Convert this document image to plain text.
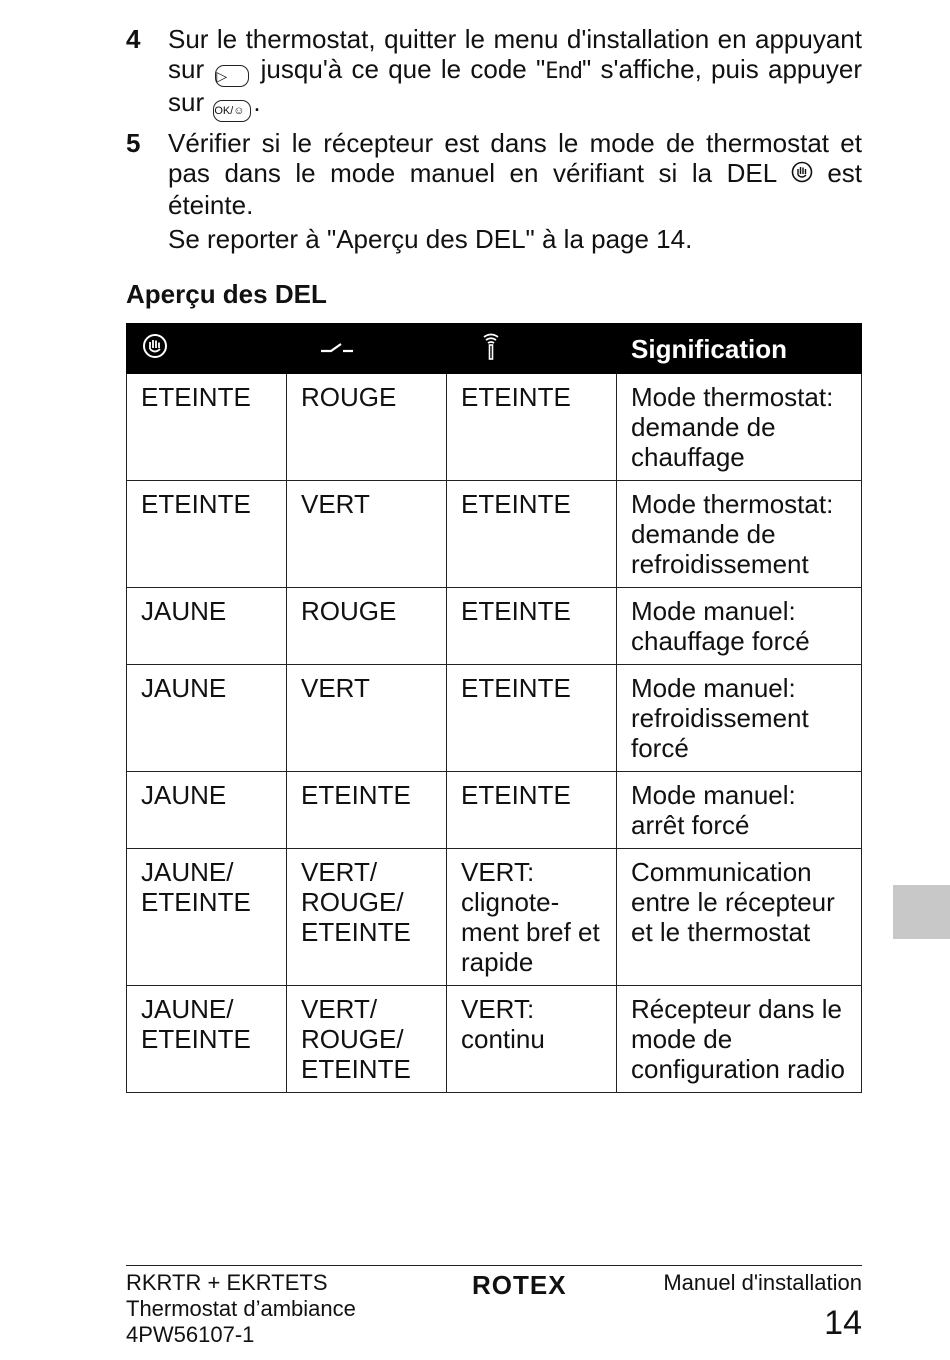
4 Sur le thermostat, quitter le menu d'installation en appuyant sur ▷ jusqu'à ce que le code "End" s'affiche, puis appuyer sur OK/☺ .
5 Vérifier si le récepteur est dans le mode de thermostat et pas dans le mode manuel en vérifiant si la DEL est éteinte.
Se reporter à "Aperçu des DEL" à la page 14.
Aperçu des DEL
			Signification
ETEINTE	ROUGE	ETEINTE	Mode thermostat: demande de chauffage
ETEINTE	VERT	ETEINTE	Mode thermostat: demande de refroidissement
JAUNE	ROUGE	ETEINTE	Mode manuel: chauffage forcé
JAUNE	VERT	ETEINTE	Mode manuel: refroidissement forcé
JAUNE	ETEINTE	ETEINTE	Mode manuel: arrêt forcé
JAUNE/ ETEINTE	VERT/ ROUGE/ ETEINTE	VERT: clignote-ment bref et rapide	Communication entre le récepteur et le thermostat
JAUNE/ ETEINTE	VERT/ ROUGE/ ETEINTE	VERT: continu	Récepteur dans le mode de configuration radio
RKRTR + EKRTETS
Thermostat d’ambiance
4PW56107-1
ROTEX	Manuel d'installation
14
